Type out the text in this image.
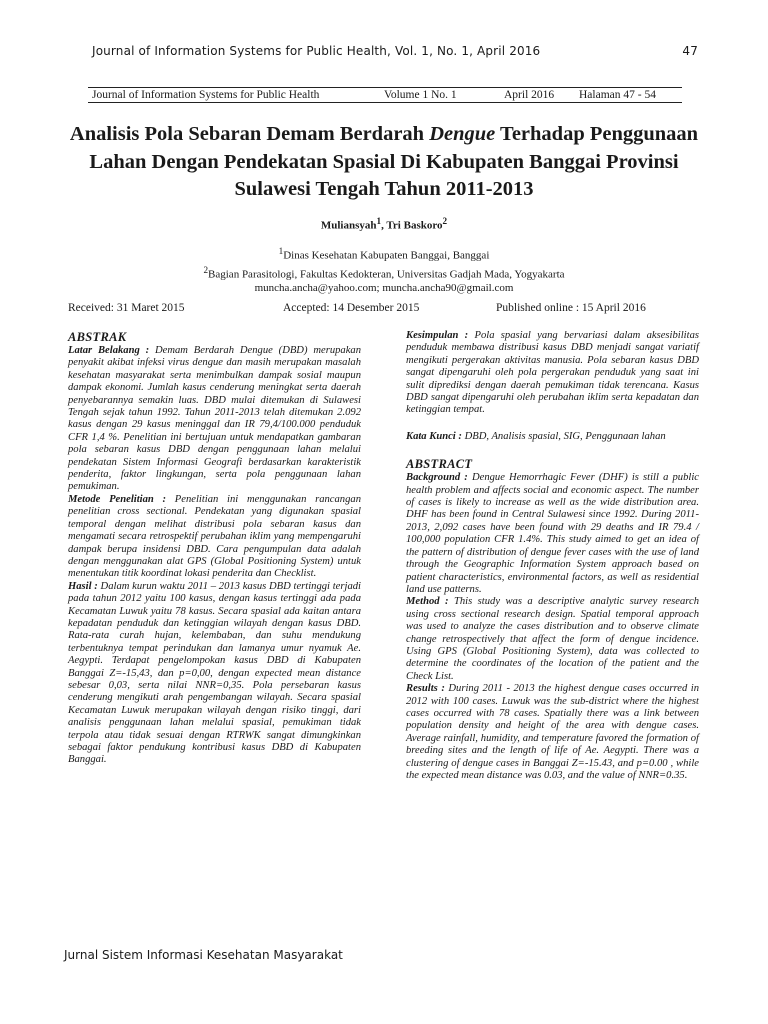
Journal of Information Systems for Public Health, Vol. 1, No. 1, April 2016	47
Journal of Information Systems for Public Health	Volume 1 No. 1	April 2016	Halaman 47 - 54
Analisis Pola Sebaran Demam Berdarah Dengue Terhadap Penggunaan Lahan Dengan Pendekatan Spasial Di Kabupaten Banggai Provinsi Sulawesi Tengah Tahun 2011-2013
Muliansyah$^1$, Tri Baskoro$^2$
$^1$Dinas Kesehatan Kabupaten Banggai, Banggai
$^2$Bagian Parasitologi, Fakultas Kedokteran, Universitas Gadjah Mada, Yogyakarta
muncha.ancha@yahoo.com; muncha.ancha90@gmail.com
Received: 31 Maret 2015	Accepted: 14 Desember 2015	Published online : 15 April 2016
ABSTRAK

Latar Belakang : Demam Berdarah Dengue (DBD) merupakan penyakit akibat infeksi virus dengue dan masih merupakan masalah kesehatan masyarakat serta menimbulkan dampak sosial maupun dampak ekonomi. Jumlah kasus cenderung meningkat serta daerah penyebarannya semakin luas. DBD mulai ditemukan di Sulawesi Tengah sejak tahun 1992. Tahun 2011-2013 telah ditemukan 2.092 kasus dengan 29 kasus meninggal dan IR 79,4/100.000 penduduk CFR 1,4 %. Penelitian ini bertujuan untuk mendapatkan gambaran pola sebaran kasus DBD dengan penggunaan lahan melalui pendekatan Sistem Informasi Geografi berdasarkan karakteristik penderita, faktor lingkungan, serta pola penggunaan lahan pemukiman.

Metode Penelitian : Penelitian ini menggunakan rancangan penelitian cross sectional. Pendekatan yang digunakan spasial temporal dengan melihat distribusi pola sebaran kasus dan mengamati secara retrospektif perubahan iklim yang mempengaruhi dampak berupa insidensi DBD. Cara pengumpulan data adalah dengan menggunakan alat GPS (Global Positioning System) untuk menentukan titik koordinat lokasi penderita dan Checklist.

Hasil : Dalam kurun waktu 2011 – 2013 kasus DBD tertinggi terjadi pada tahun 2012 yaitu 100 kasus, dengan kasus tertinggi ada pada Kecamatan Luwuk yaitu 78 kasus. Secara spasial ada kaitan antara kepadatan penduduk dan ketinggian wilayah dengan kasus DBD. Rata-rata curah hujan, kelembaban, dan suhu mendukung terbentuknya tempat perindukan dan lamanya umur nyamuk Ae. Aegypti. Terdapat pengelompokan kasus DBD di Kabupaten Banggai Z=-15,43, dan p=0,00, dengan expected mean distance sebesar 0,03, serta nilai NNR=0,35. Pola persebaran kasus cenderung mengikuti arah pengembangan wilayah. Secara spasial Kecamatan Luwuk merupakan wilayah dengan risiko tinggi, dari analisis penggunaan lahan melalui spasial, pemukiman tidak terpola atau tidak sesuai dengan RTRWK sangat dimungkinkan sebagai faktor pendukung kontribusi kasus DBD di Kabupaten Banggai.

Kesimpulan : Pola spasial yang bervariasi dalam aksesibilitas penduduk membawa distribusi kasus DBD menjadi sangat variatif mengikuti pergerakan aktivitas manusia. Pola sebaran kasus DBD sangat dipengaruhi oleh pola pergerakan penduduk yang saat ini sulit diprediksi dengan daerah pemukiman tidak terencana. Kasus DBD sangat dipengaruhi oleh perubahan iklim serta kepadatan dan ketinggian tempat.

Kata Kunci : DBD, Analisis spasial, SIG, Penggunaan lahan

ABSTRACT

Background : Dengue Hemorrhagic Fever (DHF) is still a public health problem and affects social and economic aspect. The number of cases is likely to increase as well as the wide distribution area. DHF has been found in Central Sulawesi since 1992. During 2011-2013, 2,092 cases have been found with 29 deaths and IR 79.4 / 100,000 population CFR 1.4%. This study aimed to get an idea of the pattern of distribution of dengue fever cases with the use of land through the Geographic Information System approach based on patient characteristics, environmental factors, as well as residential land use patterns.

Method : This study was a descriptive analytic survey research using cross sectional research design. Spatial temporal approach was used to analyze the cases distribution and to observe climate change retrospectively that affect the form of dengue incidence. Using GPS (Global Positioning System), data was collected to determine the coordinates of the location of the patient and the Check List.

Results : During 2011 - 2013 the highest dengue cases occurred in 2012 with 100 cases. Luwuk was the sub-district where the highest cases occurred with 78 cases. Spatially there was a link between population density and height of the area with dengue cases. Average rainfall, humidity, and temperature favored the formation of breeding sites and the length of life of Ae. Aegypti. There was a clustering of dengue cases in Banggai Z=-15.43, and p=0.00 , while the expected mean distance was 0.03, and the value of NNR=0.35.

Jurnal Sistem Informasi Kesehatan Masyarakat
